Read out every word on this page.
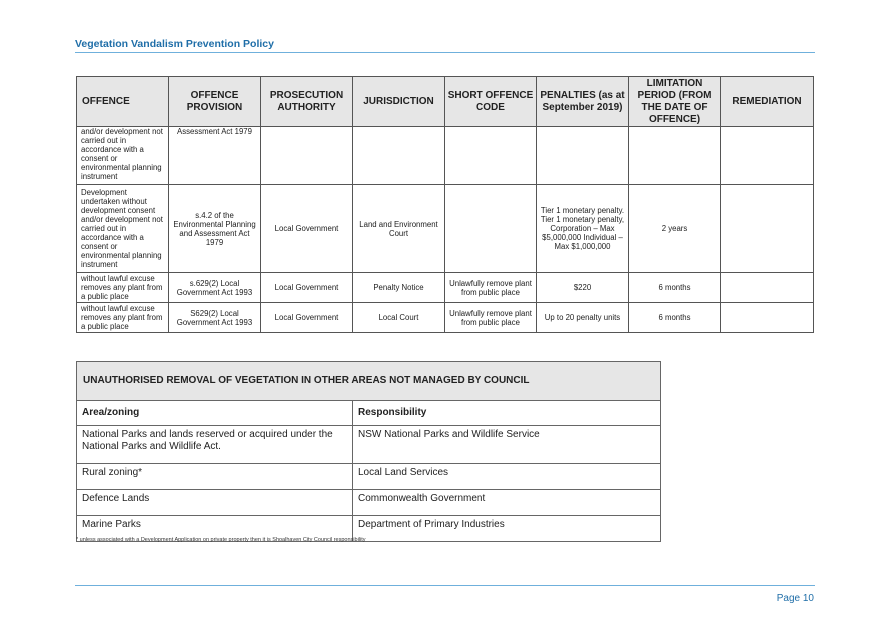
Vegetation Vandalism Prevention Policy
OFFENCE	OFFENCE PROVISION	PROSECUTION AUTHORITY	JURISDICTION	SHORT OFFENCE CODE	PENALTIES (as at September 2019)	LIMITATION PERIOD (FROM THE DATE OF OFFENCE)	REMEDIATION
and/or development not carried out in accordance with a consent or environmental planning instrument	Assessment Act 1979						
Development undertaken without development consent and/or development not carried out in accordance with a consent or environmental planning instrument	s.4.2 of the Environmental Planning and Assessment Act 1979	Local Government	Land and Environment Court		Tier 1 monetary penalty. Tier 1 monetary penalty, Corporation – Max $5,000,000 Individual – Max $1,000,000	2 years	
without lawful excuse removes any plant from a public place	s.629(2) Local Government Act 1993	Local Government	Penalty Notice	Unlawfully remove plant from public place	$220	6 months	
without lawful excuse removes any plant from a public place	S629(2) Local Government Act 1993	Local Government	Local Court	Unlawfully remove plant from public place	Up to 20 penalty units	6 months	
UNAUTHORISED REMOVAL OF VEGETATION IN OTHER AREAS NOT MANAGED BY COUNCIL	
Area/zoning	Responsibility
National Parks and lands reserved or acquired under the National Parks and Wildlife Act.	NSW National Parks and Wildlife Service
Rural zoning*	Local Land Services
Defence Lands	Commonwealth Government
Marine Parks	Department of Primary Industries
* unless associated with a Development Application on private property then it is Shoalhaven City Council responsibility
Page 10
